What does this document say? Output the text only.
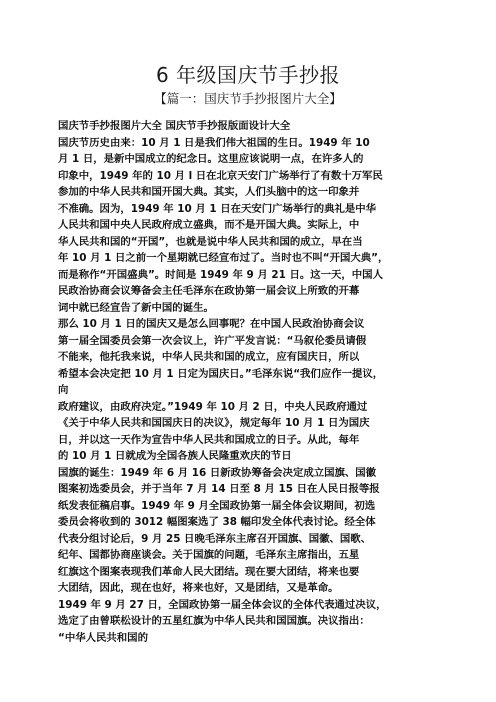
6 年级国庆节手抄报
【篇一：国庆节手抄报图片大全】
国庆节手抄报图片大全 国庆节手抄报版面设计大全
国庆节历史由来：10 月 1 日是我们伟大祖国的生日。1949 年 10
月 1 日，是新中国成立的纪念日。这里应该说明一点，在许多人的
印象中，1949 年的 10 月 l 日在北京天安门广场举行了有数十万军民
参加的中华人民共和国开国大典。其实，人们头脑中的这一印象并
不准确。因为，1949 年 10 月 1 日在天安门广场举行的典礼是中华
人民共和国中央人民政府成立盛典，而不是开国大典。实际上，中
华人民共和国的“开国”，也就是说中华人民共和国的成立，早在当
年 10 月 1 日之前一个星期就已经宣布过了。当时也不叫“开国大典”，
而是称作“开国盛典”。时间是 1949 年 9 月 21 日。这一天，中国人
民政治协商会议筹备会主任毛泽东在政协第一届会议上所致的开幕
词中就已经宣告了新中国的诞生。
那么 10 月 1 日的国庆又是怎么回事呢？在中国人民政治协商会议
第一届全国委员会第一次会议上，许广平发言说：“马叙伦委员请假
不能来，他托我来说，中华人民共和国的成立，应有国庆日，所以
希望本会决定把 10 月 1 日定为国庆日。”毛泽东说“我们应作一提议，
向
政府建议，由政府决定。”1949 年 10 月 2 日，中央人民政府通过
《关于中华人民共和国国庆日的决议》，规定每年 10 月 1 日为国庆
日，并以这一天作为宣告中华人民共和国成立的日子。从此，每年
的 10 月 1 日就成为全国各族人民隆重欢庆的节日
国旗的诞生：1949 年 6 月 16 日新政协筹备会决定成立国旗、国徽
图案初选委员会，并于当年 7 月 14 日至 8 月 15 日在人民日报等报
纸发表征稿启事。1949 年 9 月全国政协第一届全体会议期间，初选
委员会将收到的 3012 幅图案选了 38 幅印发全体代表讨论。经全体
代表分组讨论后，9 月 25 日晚毛泽东主席召开国旗、国徽、国歌、
纪年、国都协商座谈会。关于国旗的问题，毛泽东主席指出，五星
红旗这个图案表现我们革命人民大团结。现在要大团结，将来也要
大团结，因此，现在也好，将来也好，又是团结，又是革命。
1949 年 9 月 27 日，全国政协第一届全体会议的全体代表通过决议，
选定了由曾联松设计的五星红旗为中华人民共和国国旗。决议指出：
“中华人民共和国的
